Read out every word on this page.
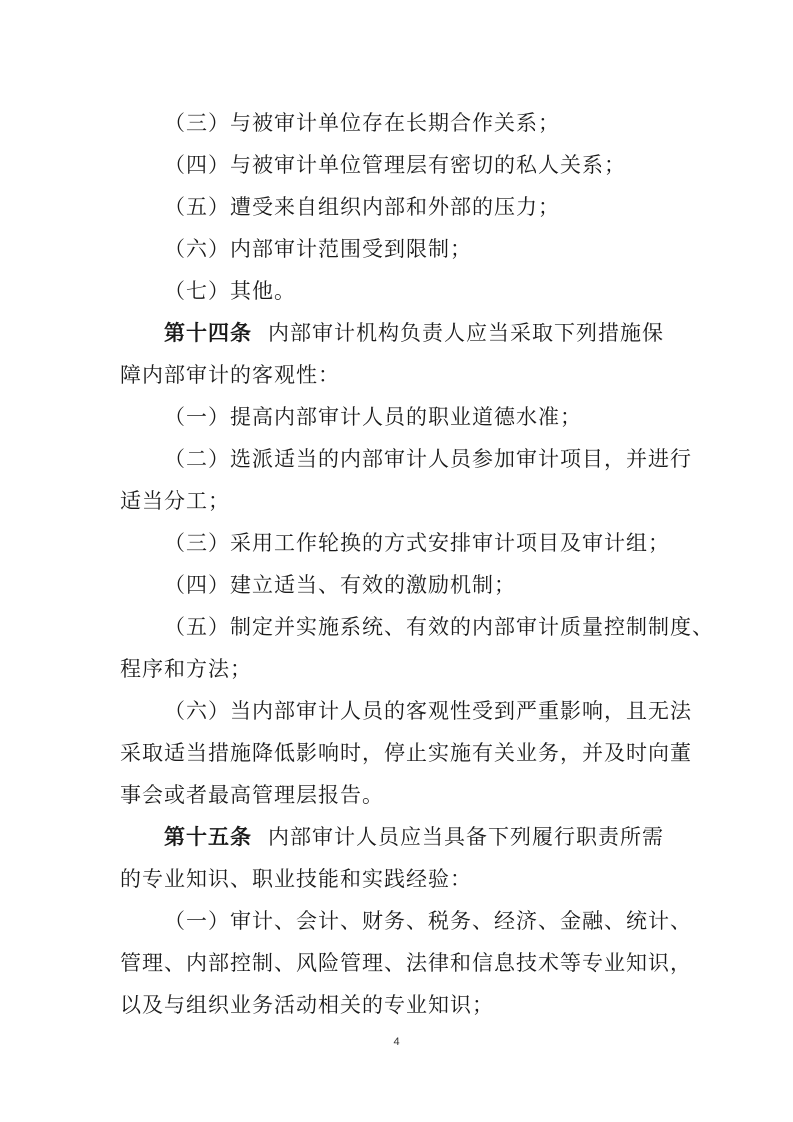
（三）与被审计单位存在长期合作关系；
（四）与被审计单位管理层有密切的私人关系；
（五）遭受来自组织内部和外部的压力；
（六）内部审计范围受到限制；
（七）其他。
第十四条 内部审计机构负责人应当采取下列措施保
障内部审计的客观性：
（一）提高内部审计人员的职业道德水准；
（二）选派适当的内部审计人员参加审计项目，并进行
适当分工；
（三）采用工作轮换的方式安排审计项目及审计组；
（四）建立适当、有效的激励机制；
（五）制定并实施系统、有效的内部审计质量控制制度、
程序和方法；
（六）当内部审计人员的客观性受到严重影响，且无法
采取适当措施降低影响时，停止实施有关业务，并及时向董
事会或者最高管理层报告。
第十五条 内部审计人员应当具备下列履行职责所需
的专业知识、职业技能和实践经验：
（一）审计、会计、财务、税务、经济、金融、统计、
管理、内部控制、风险管理、法律和信息技术等专业知识，
以及与组织业务活动相关的专业知识；
4
